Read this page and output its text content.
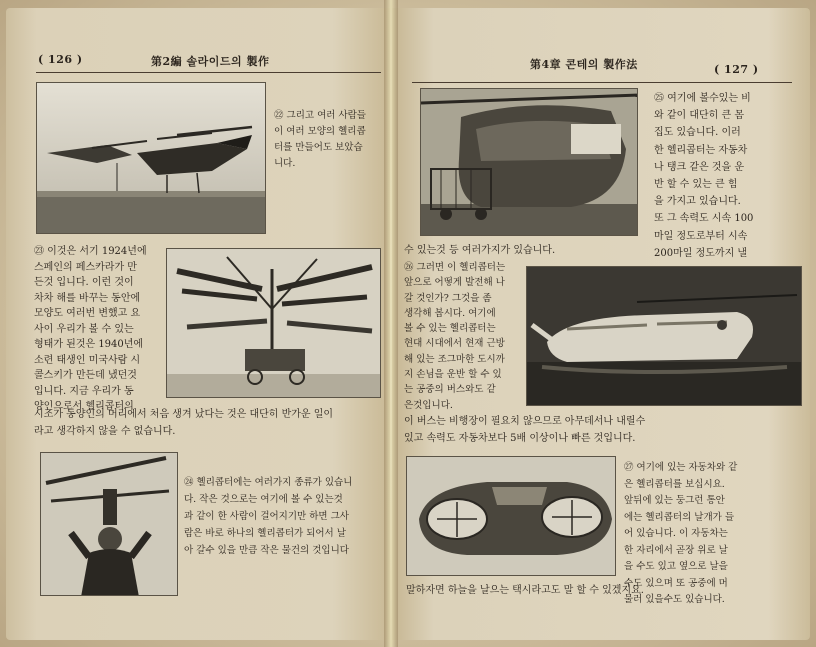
( 126 )	第2編 솔라이드의 製作
㉒ 그리고 여러 사람들
이 여러 모양의 헬리콥
터를 만들어도 보았습
니다.
㉓ 이것은 서기 1924년에
스페인의 페스카라가 만
든것 입니다. 이런 것이
차차 해를 바꾸는 동안에
모양도 여러번 변했고 요
사이 우리가 볼 수 있는
형태가 된것은 1940년에
소련 태생인 미국사람 시
콜스키가 만든데 냈던것
입니다. 지금 우리가 동
양인으로서 헬리콥터의
시조가 동양인의 머리에서 처음 생겨 났다는 것은 대단히 반가운 일이
라고 생각하지 않을 수 없습니다.
㉔ 헬리콥터에는 여러가지 종류가 있습니
다. 작은 것으로는 여기에 볼 수 있는것
과 같이 한 사람이 걸어지기만 하면 그사
람은 바로 하나의 헬리콥터가 되어서 날
아 갈수 있을 만큼 작은 물건의 것입니다
第4章 콘테의 製作法	( 127 )
㉕ 여기에 볼수있는 비
와 같이 대단히 큰 몸
집도 있습니다. 이러
한 헬리콥터는 자동차
나 탱크 같은 것을 운
반 할 수 있는 큰 힘
을 가지고 있습니다.
또 그 속력도 시속 100
마일 정도로부터 시속
200마일 정도까지 낼
수 있는것 등 여러가지가 있습니다.
㉖ 그러면 이 헬리콥터는
앞으로 어떻게 발전해 나
갈 것인가? 그것을 좀
생각해 봅시다. 여기에
볼 수 있는 헬리콥터는
현대 시대에서 현재 근방
해 있는 조그마한 도시까
지 손님을 운반 할 수 있
는 공중의 버스와도 같
은것입니다.
이 버스는 비행장이 필요치 않으므로 아무데서나 내릴수
있고 속력도 자동차보다 5배 이상이나 빠른 것입니다.
㉗ 여기에 있는 자동차와 같
은 헬리콥터를 보십시요.
앞뒤에 있는 둥그런 통안
에는 헬리콥터의 날개가 들
어 있습니다. 이 자동차는
한 자리에서 곧장 위로 날
을 수도 있고 옆으로 날을
수도 있으며 또 공중에 머
물러 있을수도 있습니다.
말하자면 하늘을 날으는 택시라고도 말 할 수 있겠지요.
